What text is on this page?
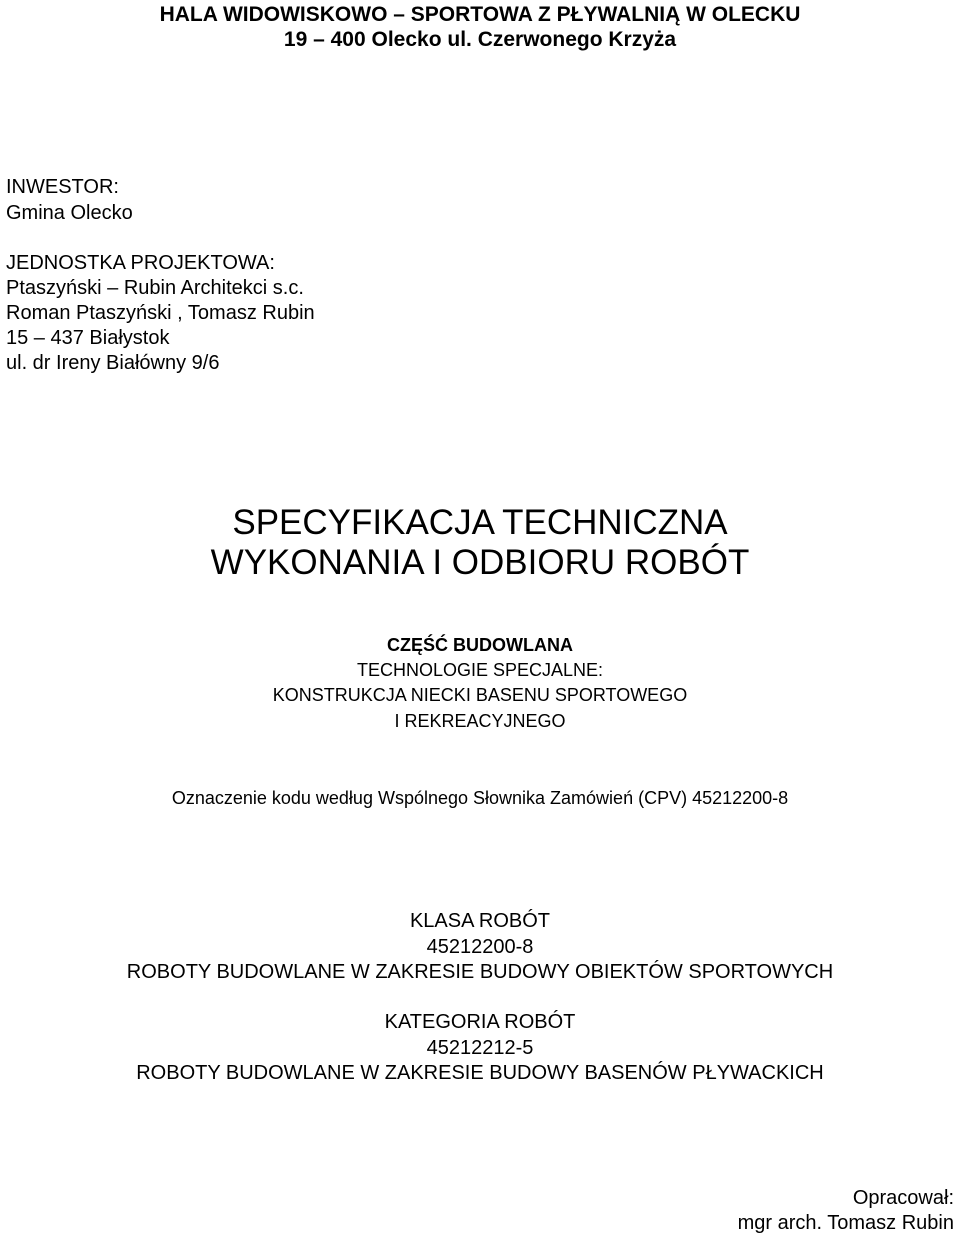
HALA WIDOWISKOWO – SPORTOWA Z PŁYWALNIĄ W OLECKU
19 – 400 Olecko ul. Czerwonego Krzyża
INWESTOR:
Gmina Olecko
JEDNOSTKA PROJEKTOWA:
Ptaszyński – Rubin Architekci s.c.
Roman Ptaszyński , Tomasz Rubin
15 – 437 Białystok
ul. dr Ireny Białówny 9/6
SPECYFIKACJA TECHNICZNA
WYKONANIA I ODBIORU ROBÓT
CZĘŚĆ BUDOWLANA
TECHNOLOGIE SPECJALNE:
KONSTRUKCJA NIECKI BASENU SPORTOWEGO
I REKREACYJNEGO
Oznaczenie kodu według Wspólnego Słownika Zamówień (CPV) 45212200-8
KLASA ROBÓT
45212200-8
ROBOTY BUDOWLANE W ZAKRESIE BUDOWY OBIEKTÓW SPORTOWYCH
KATEGORIA ROBÓT
45212212-5
ROBOTY BUDOWLANE W ZAKRESIE BUDOWY BASENÓW PŁYWACKICH
Opracował:
mgr arch. Tomasz Rubin
